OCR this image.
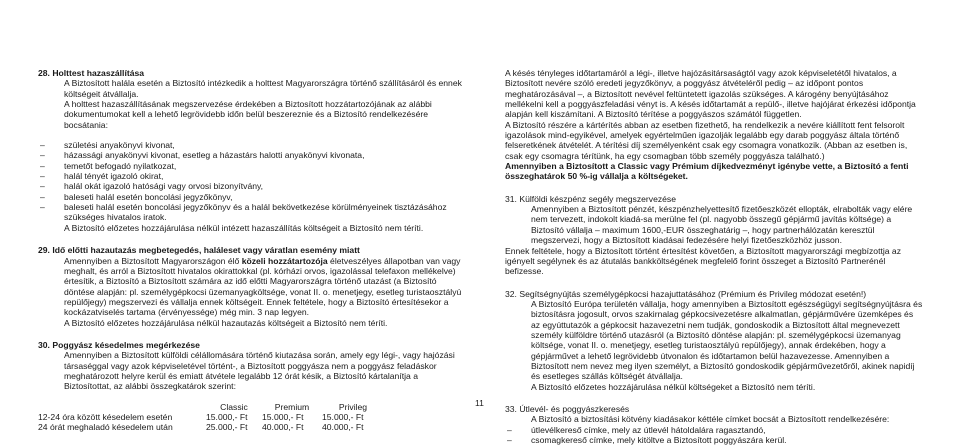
28. Holttest hazaszállítása

A Biztosított halála esetén a Biztosító intézkedik a holttest Magyarországra történő szállításáról és ennek költségeit átvállalja.

A holttest hazaszállításának megszervezése érdekében a Biztosított hozzátartozójának az alábbi dokumentumokat kell a lehető legrövidebb időn belül beszereznie és a Biztosító rendelkezésére bocsátania:

– születési anyakönyvi kivonat,
– házassági anyakönyvi kivonat, esetleg a házastárs halotti anyakönyvi kivonata,
– temetőt befogadó nyilatkozat,
– halál tényét igazoló okirat,
– halál okát igazoló hatósági vagy orvosi bizonyítvány,
– baleseti halál esetén boncolási jegyzőkönyv,
– baleseti halál esetén boncolási jegyzőkönyv és a halál bekövetkezése körülményeinek tisztázásához szükséges hivatalos iratok.

A Biztosító előzetes hozzájárulása nélkül intézett hazaszállítás költségeit a Biztosító nem téríti.

29. Idő előtti hazautazás megbetegedés, haláleset vagy váratlan esemény miatt

Amennyiben a Biztosított Magyarországon élő közeli hozzátartozója életveszélyes állapotban van vagy meghalt, és arról a Biztosított hivatalos okirattokkal (pl. kórházi orvos, igazolással telefaxon mellékelve) értesítik, a Biztosító a Biztosított számára az idő előtti Magyarországra történő utazást (a Biztosító döntése alapján: pl. személygépkocsi üzemanyagköltsége, vonat II. o. menetjegy, esetleg turistaosztályú repülőjegy) megszervezi és vállalja ennek költségeit. Ennek feltétele, hogy a Biztosító értesítésekor a kockázatviselés tartama (érvényessége) még min. 3 nap legyen.

A Biztosító előzetes hozzájárulása nélkül hazautazás költségeit a Biztosító nem téríti.

30. Poggyász késedelmes megérkezése

Amennyiben a Biztosított külföldi célállomására történő kiutazása során, amely egy légi-, vagy hajózási társaséggal vagy azok képviseletével történt-, a Biztosított poggyásza nem a poggyász feladáskor meghatározott helyre kerül és emiatt átvétele legalább 12 órát késik, a Biztosító kártalanítja a Biztosítottat, az alábbi összegkatárok szerint:

	Classic	Premium	Privileg
12-24 óra között késedelem esetén	15.000,- Ft	15.000,- Ft	15.000,- Ft
24 órát meghaladó késedelem után	25.000,- Ft	40.000,- Ft	40.000,- Ft
11

A késés tényleges időtartamáról a légi-, illetve hajózásitársaságtól vagy azok képviseletétől hivatalos, a Biztosított nevére szóló eredeti jegyzőkönyv, a poggyász átvételéről pedig – az időpont pontos meghatározásával –, a Biztosított nevével feltüntetett igazolás szükséges. A károgény benyújtásához mellékelni kell a poggyászfeladási vényt is. A késés időtartamát a repülő-, illetve hajójárat érkezési időpontja alapján kell kiszámítani. A Biztosító térítése a poggyászos számától független.

A Biztosító részére a kártérítés abban az esetben fizethető, ha rendelkezik a nevére kiállított fent felsorolt igazolások mind-egyikével, amelyek egyértelműen igazolják legalább egy darab poggyász általa történő felseretkének átvételét. A térítési díj személyenként csak egy csomagra vonatkozik. (Abban az esetben is, csak egy csomagra térítünk, ha egy csomagban több személy poggyásza található.)

Amennyiben a Biztosított a Classic vagy Prémium díjkedvezményt igénybe vette, a Biztosító a fenti összeghatárok 50 %-ig vállalja a költségeket.

31. Külföldi készpénz segély megszervezése

Amennyiben a Biztosított pénzét, készpénzhelyettesítő fizetőeszközét ellopták, elrabolták vagy elére nem tervezett, indokolt kiadá-sa merülne fel (pl. nagyobb összegű gépjármű javítás költsége) a Biztosító vállalja – maximum 1600,-EUR összeghatárig –, hogy partnerhálózatán keresztül megszervezi, hogy a Biztosított kiadásai fedezésére helyi fizetőeszközhöz jusson.

Ennek feltétele, hogy a Biztosított történt értesítést követően, a Biztosított magyarországi megbízottja az igényelt segélynek és az átutalás bankköltségének megfelelő forint összeget a Biztosító Partnerénél befizesse.

32. Segítségnyújtás személygépkocsi hazajuttatásához (Prémium és Privileg módozat esetén!)

A Biztosító Európa területén vállalja, hogy amennyiben a Biztosított egészségügyi segítségnyújtásra és biztosításra jogosult, orvos szakirnalag gépkocsivezetésre alkalmatlan, gépjárművére üzemképes és az egyúttutazók a gépkocsit hazavezetni nem tudják, gondoskodik a Biztosított által megnevezett személy külföldre történő utazásról (a Biztosító döntése alapján: pl. személygépkocsi üzemanyag költsége, vonat II. o. menetjegy, esetleg turistaosztályú repülőjegy), annak érdekében, hogy a gépjárművet a lehető legrövidebb útvonalon és időtartamon belül hazavezesse. Amennyiben a Biztosított nem nevez meg ilyen személyt, a Biztosító gondoskodik gépjárművezetőről, akinek napidíj és esetleges szállás költségét átvállalja.

A Biztosító előzetes hozzájárulása nélkül költségeket a Biztosító nem téríti.

33. Útlevél- és poggyászkeresés

A Biztosító a biztosítási kötvény kiadásakor kéttéle címket bocsát a Biztosított rendelkezésére:

– útlevélkereső címke, mely az útlevél hátoldalára ragasztandó,
– csomagkereső címke, mely kitöltve a Biztosított poggyászára kerül.
